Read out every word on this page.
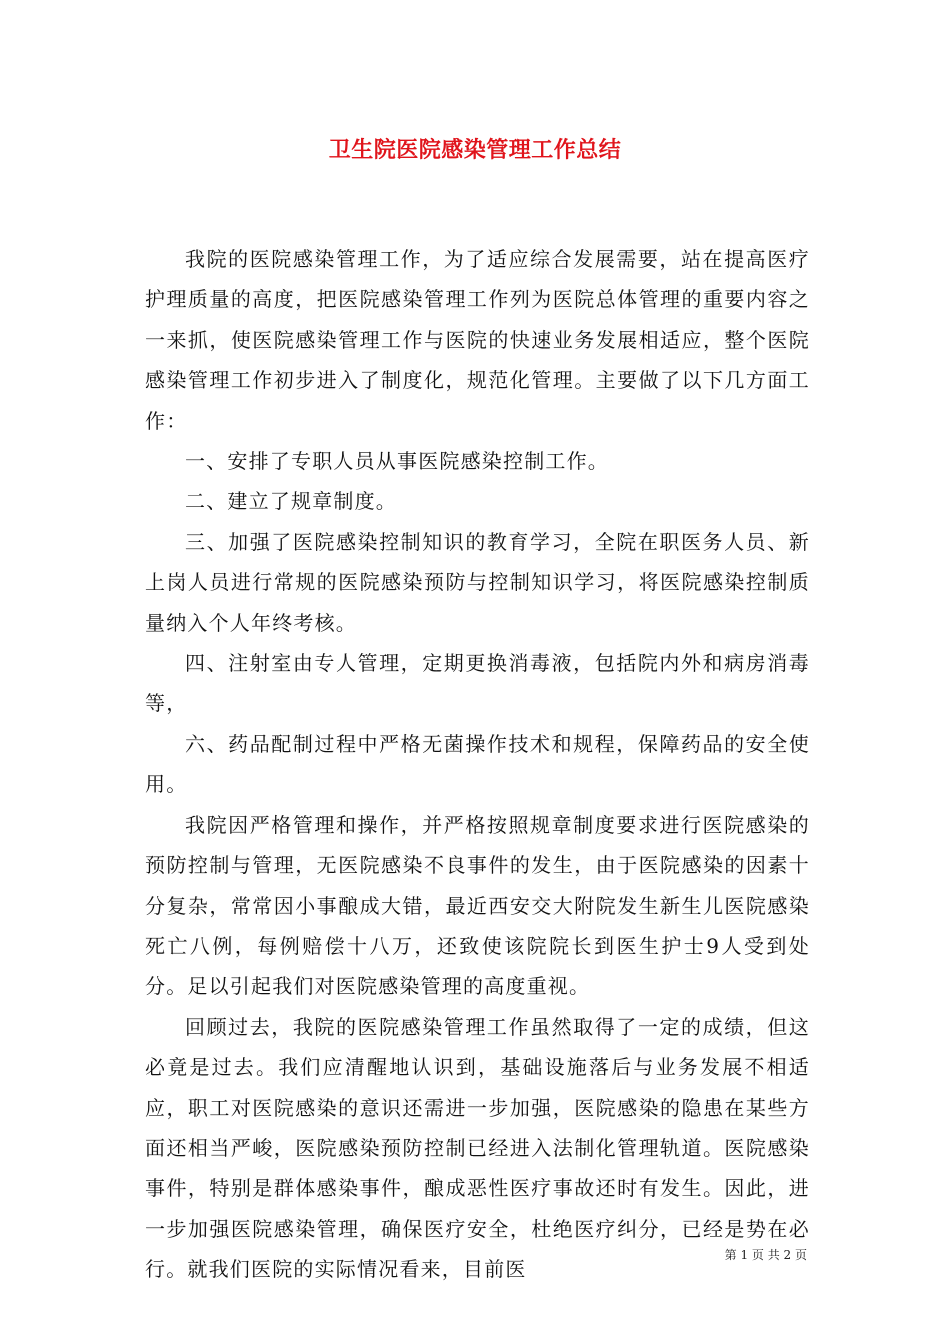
卫生院医院感染管理工作总结

我院的医院感染管理工作，为了适应综合发展需要，站在提高医疗护理质量的高度，把医院感染管理工作列为医院总体管理的重要内容之一来抓，使医院感染管理工作与医院的快速业务发展相适应，整个医院感染管理工作初步进入了制度化，规范化管理。主要做了以下几方面工作：

一、安排了专职人员从事医院感染控制工作。

二、建立了规章制度。

三、加强了医院感染控制知识的教育学习，全院在职医务人员、新上岗人员进行常规的医院感染预防与控制知识学习，将医院感染控制质量纳入个人年终考核。

四、注射室由专人管理，定期更换消毒液，包括院内外和病房消毒等，

六、药品配制过程中严格无菌操作技术和规程，保障药品的安全使用。

我院因严格管理和操作，并严格按照规章制度要求进行医院感染的预防控制与管理，无医院感染不良事件的发生，由于医院感染的因素十分复杂，常常因小事酿成大错，最近西安交大附院发生新生儿医院感染死亡八例，每例赔偿十八万，还致使该院院长到医生护士9人受到处分。足以引起我们对医院感染管理的高度重视。

回顾过去，我院的医院感染管理工作虽然取得了一定的成绩，但这必竟是过去。我们应清醒地认识到，基础设施落后与业务发展不相适应，职工对医院感染的意识还需进一步加强，医院感染的隐患在某些方面还相当严峻，医院感染预防控制已经进入法制化管理轨道。医院感染事件，特别是群体感染事件，酿成恶性医疗事故还时有发生。因此，进一步加强医院感染管理，确保医疗安全，杜绝医疗纠分，已经是势在必行。就我们医院的实际情况看来，目前医

第 1 页 共 2 页
